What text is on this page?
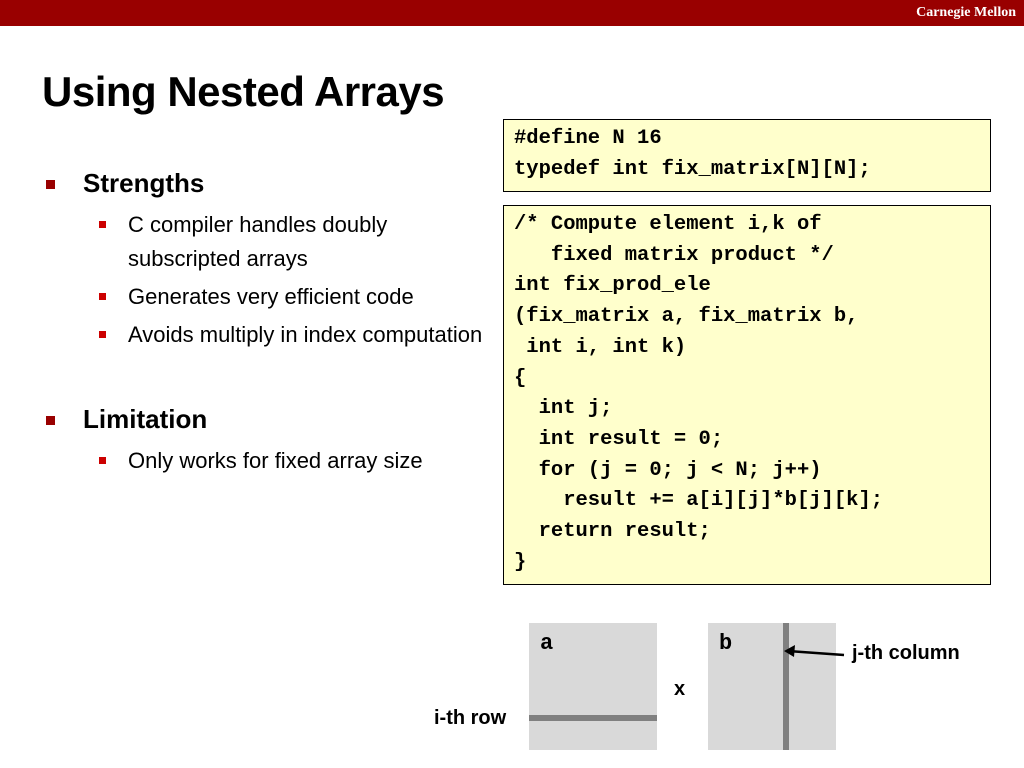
Carnegie Mellon
Using Nested Arrays
Strengths
C compiler handles doubly subscripted arrays
Generates very efficient code
Avoids multiply in index computation
Limitation
Only works for fixed array size
#define N 16
typedef int fix_matrix[N][N];
/* Compute element i,k of
fixed matrix product */
int fix_prod_ele
(fix_matrix a, fix_matrix b,
int i, int k)
{
int j;
int result = 0;
for (j = 0; j < N; j++)
result += a[i][j]*b[j][k];
return result;
}
a
x
b
i-th row
j-th column
